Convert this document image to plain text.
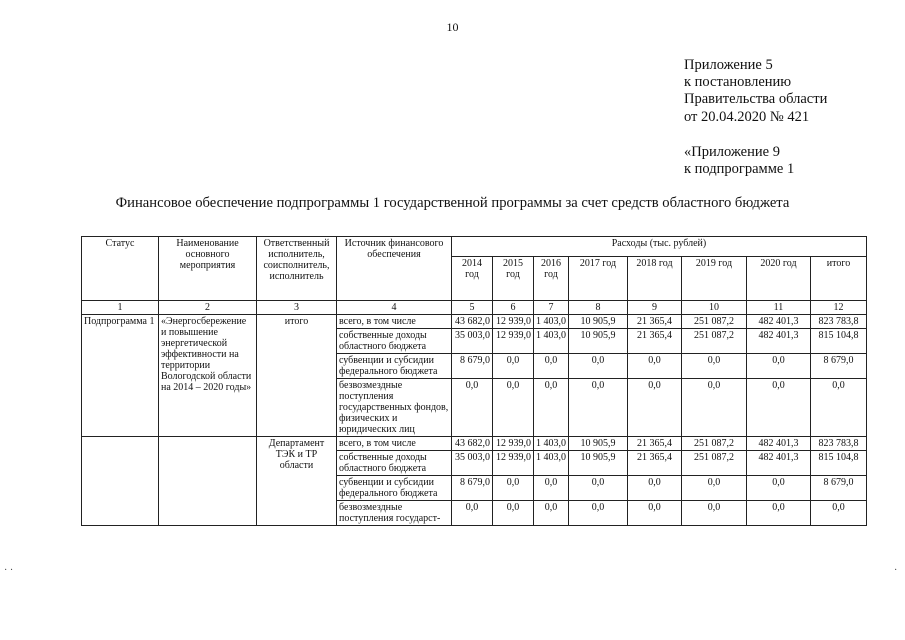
10
Приложение 5
к постановлению
Правительства области
от 20.04.2020 № 421
«Приложение 9
к подпрограмме 1
Финансовое обеспечение подпрограммы 1 государственной программы за счет средств областного бюджета
Статус	Наименование основного мероприятия	Ответственный исполнитель, соисполнитель, исполнитель	Источник финансового обеспечения	Расходы (тыс. рублей)							
				2014 год	2015 год	2016 год	2017 год	2018 год	2019 год	2020 год	итого
1	2	3	4	5	6	7	8	9	10	11	12
Подпрограмма 1	«Энергосбережение и повышение энергетической эффективности на территории Вологодской области на 2014 – 2020 годы»	итого	всего, в том числе	43 682,0	12 939,0	1 403,0	10 905,9	21 365,4	251 087,2	482 401,3	823 783,8
			собственные доходы областного бюджета	35 003,0	12 939,0	1 403,0	10 905,9	21 365,4	251 087,2	482 401,3	815 104,8
			субвенции и субсидии федерального бюджета	8 679,0	0,0	0,0	0,0	0,0	0,0	0,0	8 679,0
			безвозмездные поступления государственных фондов, физических и юридических лиц	0,0	0,0	0,0	0,0	0,0	0,0	0,0	0,0
		Департамент ТЭК и ТР области	всего, в том числе	43 682,0	12 939,0	1 403,0	10 905,9	21 365,4	251 087,2	482 401,3	823 783,8
			собственные доходы областного бюджета	35 003,0	12 939,0	1 403,0	10 905,9	21 365,4	251 087,2	482 401,3	815 104,8
			субвенции и субсидии федерального бюджета	8 679,0	0,0	0,0	0,0	0,0	0,0	0,0	8 679,0
			безвозмездные поступления государст-	0,0	0,0	0,0	0,0	0,0	0,0	0,0	0,0
· ·	·
